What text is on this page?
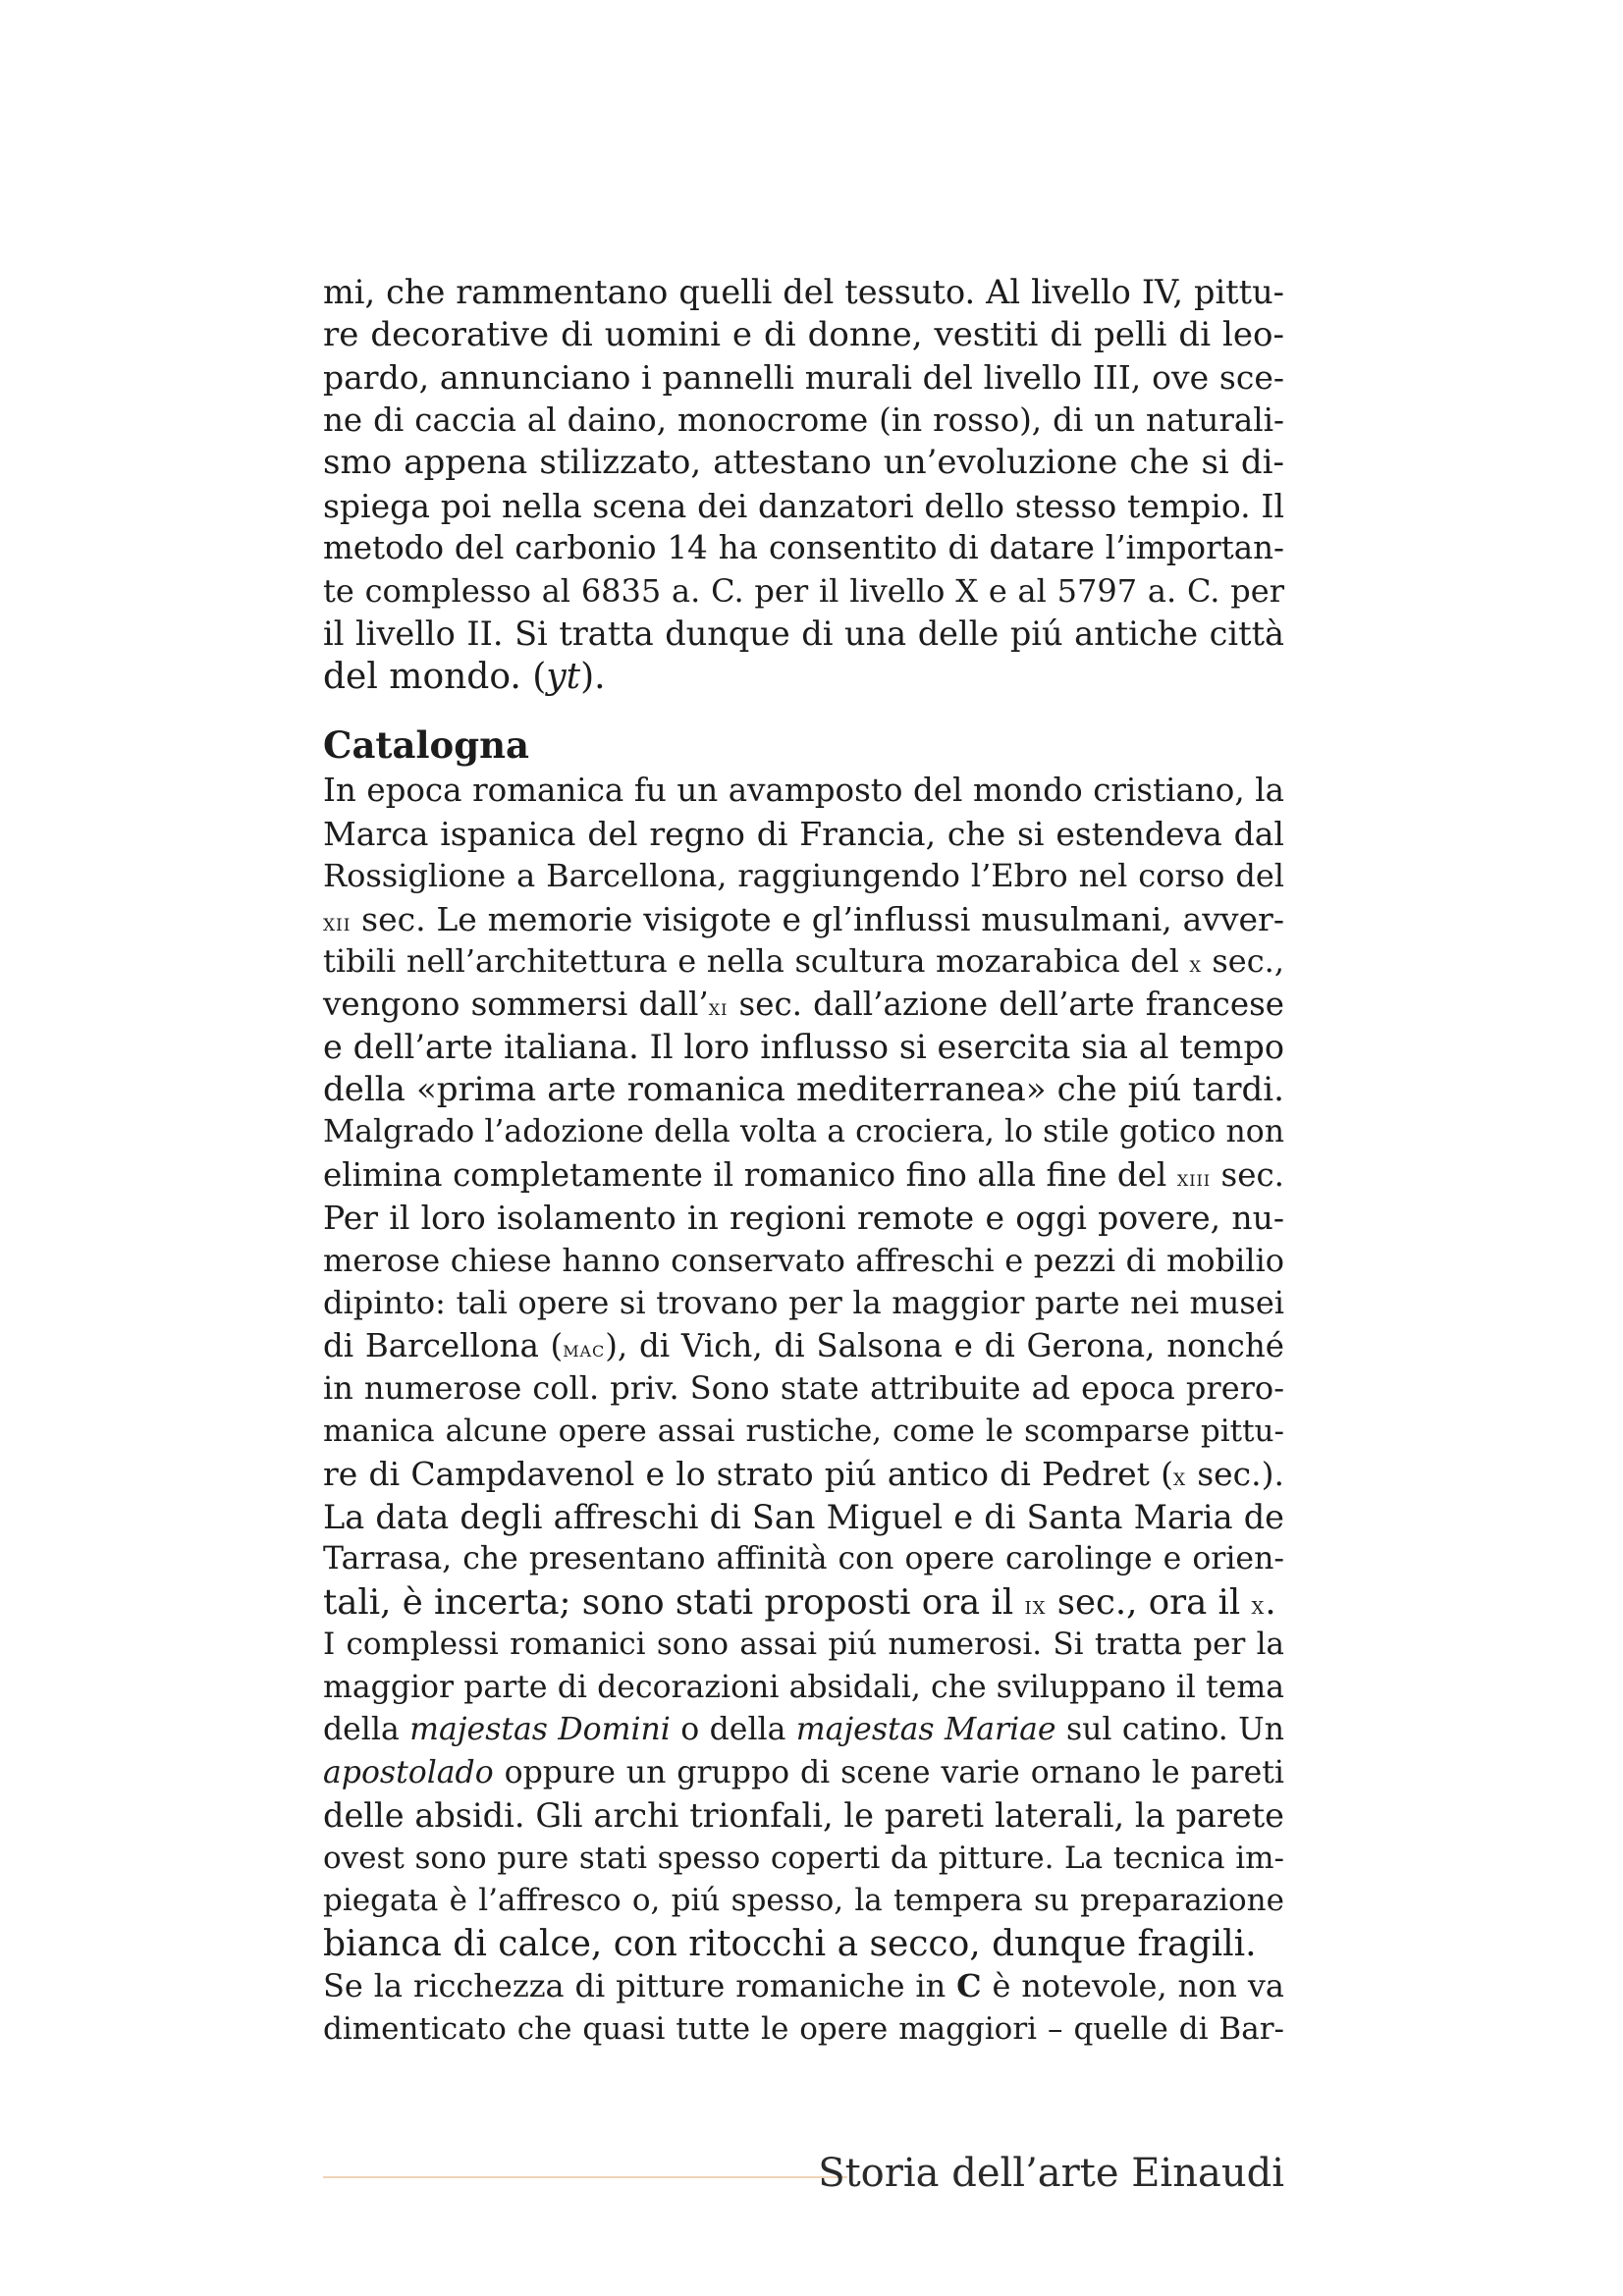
mi, che rammentano quelli del tessuto. Al livello IV, pittu-
re decorative di uomini e di donne, vestiti di pelli di leo-
pardo, annunciano i pannelli murali del livello III, ove sce-
ne di caccia al daino, monocrome (in rosso), di un naturali-
smo appena stilizzato, attestano un’evoluzione che si di-
spiega poi nella scena dei danzatori dello stesso tempio. Il
metodo del carbonio 14 ha consentito di datare l’importan-
te complesso al 6835 a. C. per il livello X e al 5797 a. C. per
il livello II. Si tratta dunque di una delle piú antiche città
del mondo. (yt).
Catalogna
In epoca romanica fu un avamposto del mondo cristiano, la
Marca ispanica del regno di Francia, che si estendeva dal
Rossiglione a Barcellona, raggiungendo l’Ebro nel corso del
xii sec. Le memorie visigote e gl’influssi musulmani, avver-
tibili nell’architettura e nella scultura mozarabica del x sec.,
vengono sommersi dall’xi sec. dall’azione dell’arte francese
e dell’arte italiana. Il loro influsso si esercita sia al tempo
della «prima arte romanica mediterranea» che piú tardi.
Malgrado l’adozione della volta a crociera, lo stile gotico non
elimina completamente il romanico fino alla fine del xiii sec.
Per il loro isolamento in regioni remote e oggi povere, nu-
merose chiese hanno conservato affreschi e pezzi di mobilio
dipinto: tali opere si trovano per la maggior parte nei musei
di Barcellona (mac), di Vich, di Salsona e di Gerona, nonché
in numerose coll. priv. Sono state attribuite ad epoca prero-
manica alcune opere assai rustiche, come le scomparse pittu-
re di Campdavenol e lo strato piú antico di Pedret (x sec.).
La data degli affreschi di San Miguel e di Santa Maria de
Tarrasa, che presentano affinità con opere carolinge e orien-
tali, è incerta; sono stati proposti ora il ix sec., ora il x.
I complessi romanici sono assai piú numerosi. Si tratta per la
maggior parte di decorazioni absidali, che sviluppano il tema
della majestas Domini o della majestas Mariae sul catino. Un
apostolado oppure un gruppo di scene varie ornano le pareti
delle absidi. Gli archi trionfali, le pareti laterali, la parete
ovest sono pure stati spesso coperti da pitture. La tecnica im-
piegata è l’affresco o, piú spesso, la tempera su preparazione
bianca di calce, con ritocchi a secco, dunque fragili.
Se la ricchezza di pitture romaniche in C è notevole, non va
dimenticato che quasi tutte le opere maggiori – quelle di Bar-
Storia dell’arte Einaudi
